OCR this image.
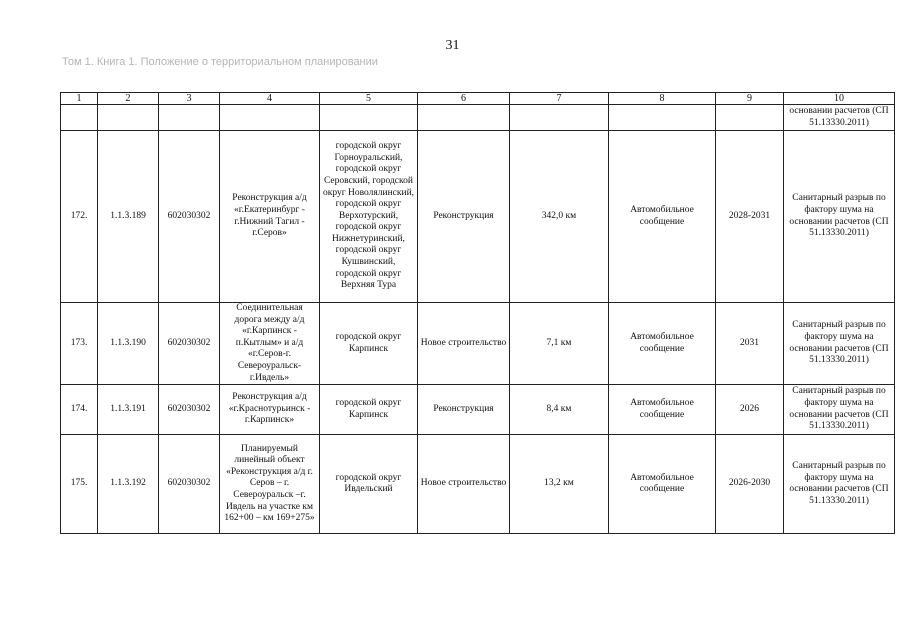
31
Том 1. Книга 1. Положение о территориальном планировании
1	2	3	4	5	6	7	8	9	10
									основании расчетов (СП 51.13330.2011)
172.	1.1.3.189	602030302	Реконструкция а/д «г.Екатеринбург - г.Нижний Тагил - г.Серов»	городской округ Горноуральский, городской округ Серовский, городской округ Новолялинский, городской округ Верхотурский, городской округ Нижнетуринский, городской округ Кушвинский, городской округ Верхняя Тура	Реконструкция	342,0 км	Автомобильное сообщение	2028-2031	Санитарный разрыв по фактору шума на основании расчетов (СП 51.13330.2011)
173.	1.1.3.190	602030302	Соединительная дорога между а/д «г.Карпинск - п.Кытлым» и а/д «г.Серов-г. Североуральск- г.Ивдель»	городской округ Карпинск	Новое строительство	7,1 км	Автомобильное сообщение	2031	Санитарный разрыв по фактору шума на основании расчетов (СП 51.13330.2011)
174.	1.1.3.191	602030302	Реконструкция а/д «г.Краснотурьинск - г.Карпинск»	городской округ Карпинск	Реконструкция	8,4 км	Автомобильное сообщение	2026	Санитарный разрыв по фактору шума на основании расчетов (СП 51.13330.2011)
175.	1.1.3.192	602030302	Планируемый линейный объект «Реконструкция а/д г. Серов – г. Североуральск –г. Ивдель на участке км 162+00 – км 169+275»	городской округ Ивдельский	Новое строительство	13,2 км	Автомобильное сообщение	2026-2030	Санитарный разрыв по фактору шума на основании расчетов (СП 51.13330.2011)
